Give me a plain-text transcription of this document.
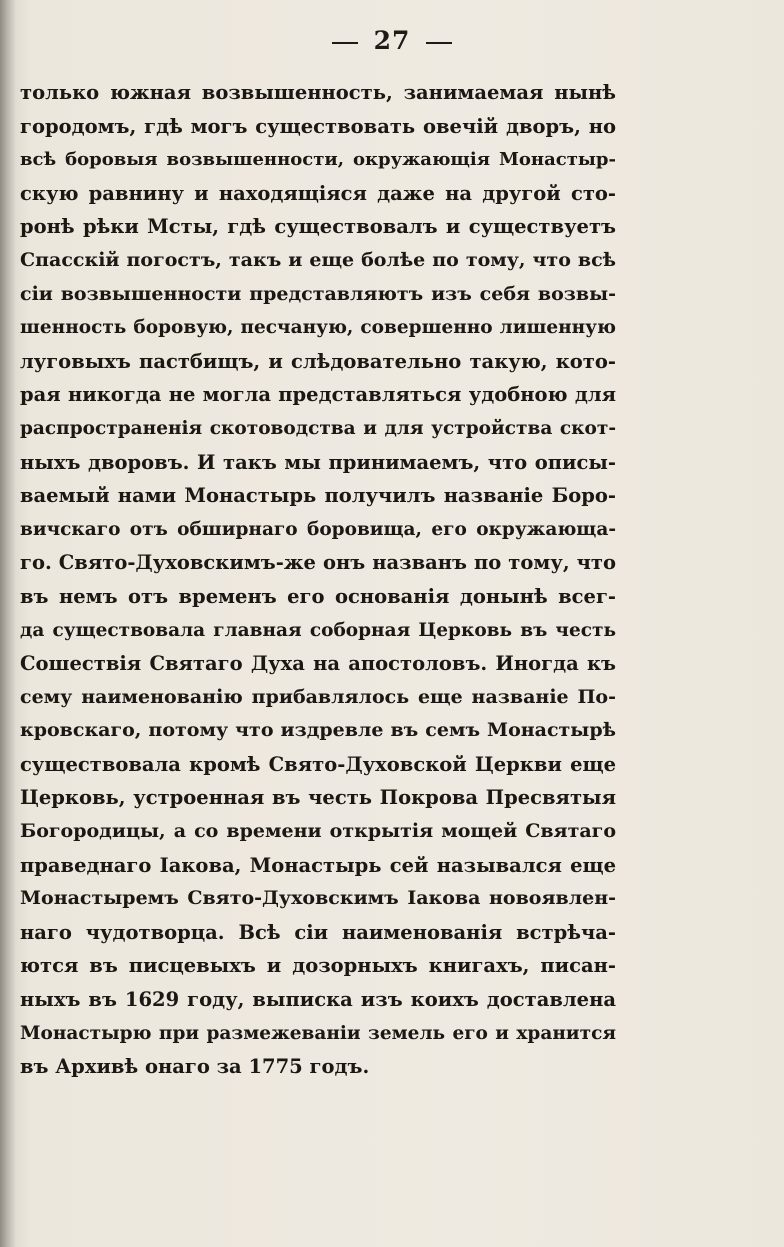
27
только южная возвышенность, занимаемая нынѣ
городомъ, гдѣ могъ существовать овечій дворъ, но
всѣ боровыя возвышенности, окружающія Монастыр-
скую равнину и находящіяся даже на другой сто-
ронѣ рѣки Мсты, гдѣ существовалъ и существуетъ
Спасскій погостъ, такъ и еще болѣе по тому, что всѣ
сіи возвышенности представляютъ изъ себя возвы-
шенность боровую, песчаную, совершенно лишенную
луговыхъ пастбищъ, и слѣдовательно такую, кото-
рая никогда не могла представляться удобною для
распространенія скотоводства и для устройства скот-
ныхъ дворовъ. И такъ мы принимаемъ, что описы-
ваемый нами Монастырь получилъ названіе Боро-
вичскаго отъ обширнаго боровища, его окружающа-
го. Свято-Духовскимъ-же онъ названъ по тому, что
въ немъ отъ временъ его основанія донынѣ всег-
да существовала главная соборная Церковь въ честь
Сошествія Святаго Духа на апостоловъ. Иногда къ
сему наименованію прибавлялось еще названіе По-
кровскаго, потому что издревле въ семъ Монастырѣ
существовала кромѣ Свято-Духовской Церкви еще
Церковь, устроенная въ честь Покрова Пресвятыя
Богородицы, а со времени открытія мощей Святаго
праведнаго Іакова, Монастырь сей назывался еще
Монастыремъ Свято-Духовскимъ Іакова новоявлен-
наго чудотворца. Всѣ сіи наименованія встрѣча-
ются въ писцевыхъ и дозорныхъ книгахъ, писан-
ныхъ въ 1629 году, выписка изъ коихъ доставлена
Монастырю при размежеваніи земель его и хранится
въ Архивѣ онаго за 1775 годъ.
